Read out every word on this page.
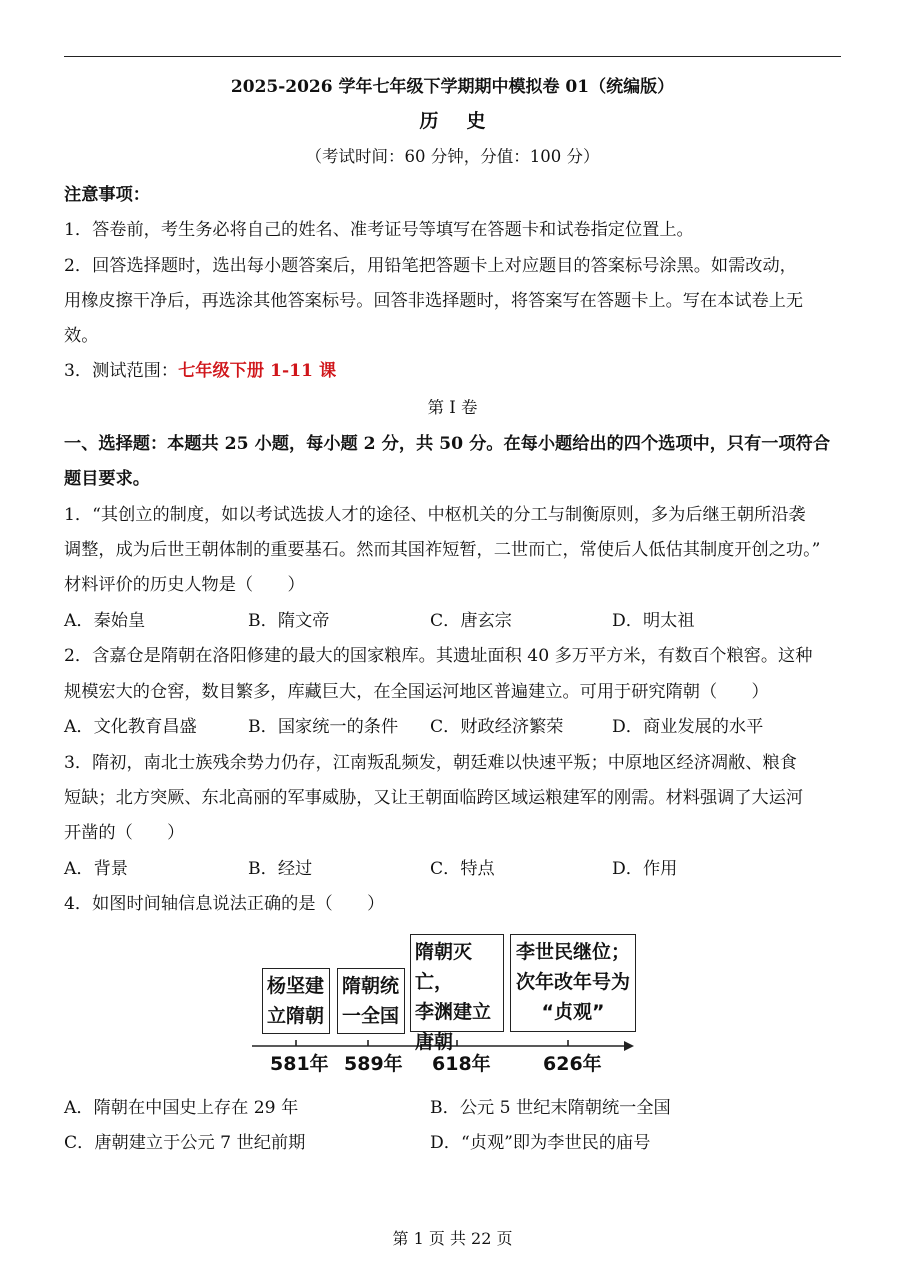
2025-2026 学年七年级下学期期中模拟卷 01（统编版）
历史
（考试时间：60 分钟，分值：100 分）
注意事项：
1．答卷前，考生务必将自己的姓名、准考证号等填写在答题卡和试卷指定位置上。
2．回答选择题时，选出每小题答案后，用铅笔把答题卡上对应题目的答案标号涂黑。如需改动，
用橡皮擦干净后，再选涂其他答案标号。回答非选择题时，将答案写在答题卡上。写在本试卷上无
效。
3．测试范围：七年级下册 1-11 课
第 I 卷
一、选择题：本题共 25 小题，每小题 2 分，共 50 分。在每小题给出的四个选项中，只有一项符合
题目要求。
1．“其创立的制度，如以考试选拔人才的途径、中枢机关的分工与制衡原则，多为后继王朝所沿袭
调整，成为后世王朝体制的重要基石。然而其国祚短暂，二世而亡，常使后人低估其制度开创之功。”
材料评价的历史人物是（　　）
A．秦始皇	B．隋文帝	C．唐玄宗	D．明太祖
2．含嘉仓是隋朝在洛阳修建的最大的国家粮库。其遗址面积 40 多万平方米，有数百个粮窖。这种
规模宏大的仓窖，数目繁多，库藏巨大，在全国运河地区普遍建立。可用于研究隋朝（　　）
A．文化教育昌盛	B．国家统一的条件 C．财政经济繁荣	D．商业发展的水平
3．隋初，南北士族残余势力仍存，江南叛乱频发，朝廷难以快速平叛；中原地区经济凋敝、粮食
短缺；北方突厥、东北高丽的军事威胁，又让王朝面临跨区域运粮建军的刚需。材料强调了大运河
开凿的（　　）
A．背景	B．经过	C．特点	D．作用
4．如图时间轴信息说法正确的是（　　）
杨坚建
立隋朝
隋朝统
一全国
隋朝灭亡，
李渊建立
唐朝
李世民继位；
次年改年号为
“贞观”
581年 589年 618年	626年
A．隋朝在中国史上存在 29 年	B．公元 5 世纪末隋朝统一全国
C．唐朝建立于公元 7 世纪前期	D．“贞观”即为李世民的庙号
第 1 页 共 22 页
